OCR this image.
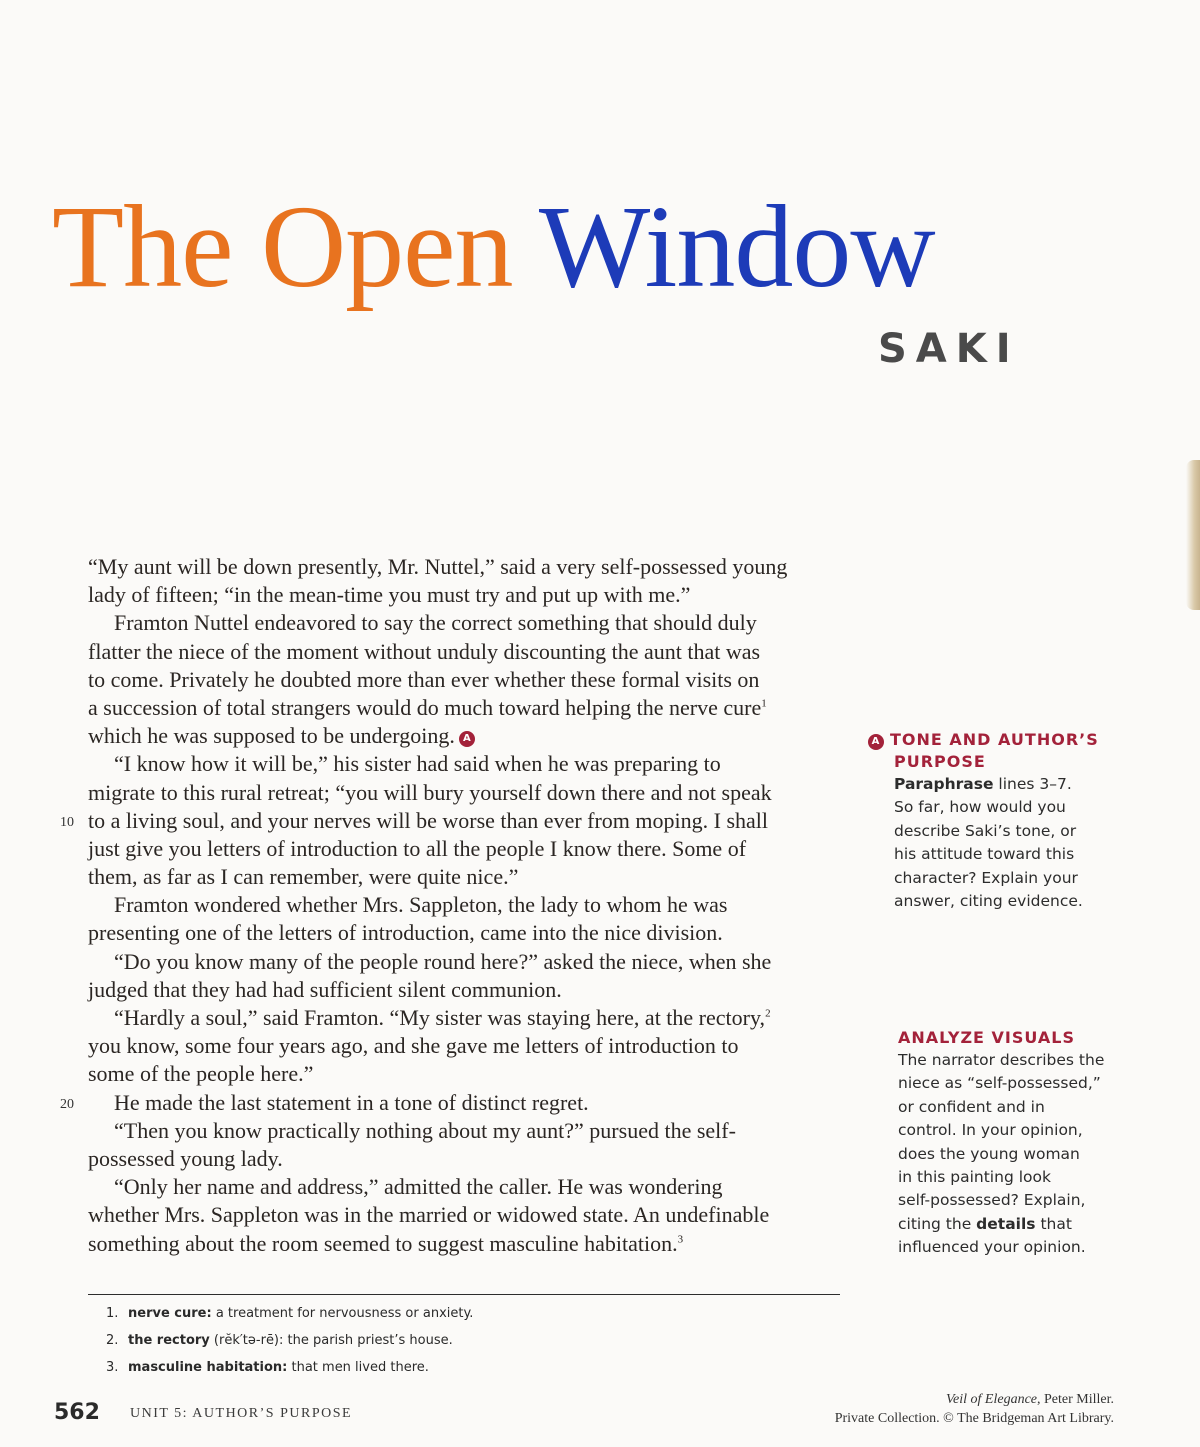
The Open Window
SAKI
“My aunt will be down presently, Mr. Nuttel,” said a very self-possessed young
lady of fifteen; “in the mean-time you must try and put up with me.”
Framton Nuttel endeavored to say the correct something that should duly
flatter the niece of the moment without unduly discounting the aunt that was
to come. Privately he doubted more than ever whether these formal visits on
a succession of total strangers would do much toward helping the nerve cure$^1$
which he was supposed to be undergoing. A
“I know how it will be,” his sister had said when he was preparing to
migrate to this rural retreat; “you will bury yourself down there and not speak
10 to a living soul, and your nerves will be worse than ever from moping. I shall
just give you letters of introduction to all the people I know there. Some of
them, as far as I can remember, were quite nice.”
Framton wondered whether Mrs. Sappleton, the lady to whom he was
presenting one of the letters of introduction, came into the nice division.
“Do you know many of the people round here?” asked the niece, when she
judged that they had had sufficient silent communion.
“Hardly a soul,” said Framton. “My sister was staying here, at the rectory,$^2$
you know, some four years ago, and she gave me letters of introduction to
some of the people here.”
20 He made the last statement in a tone of distinct regret.
“Then you know practically nothing about my aunt?” pursued the self-
possessed young lady.
“Only her name and address,” admitted the caller. He was wondering
whether Mrs. Sappleton was in the married or widowed state. An undefinable
something about the room seemed to suggest masculine habitation.$^3$
A TONE AND AUTHOR’S
PURPOSE
Paraphrase lines 3–7.
So far, how would you
describe Saki’s tone, or
his attitude toward this
character? Explain your
answer, citing evidence.
ANALYZE VISUALS
The narrator describes the
niece as “self-possessed,”
or confident and in
control. In your opinion,
does the young woman
in this painting look
self-possessed? Explain,
citing the details that
influenced your opinion.
1. nerve cure: a treatment for nervousness or anxiety.
2. the rectory (rĕk′tə-rē): the parish priest’s house.
3. masculine habitation: that men lived there.
562 UNIT 5: AUTHOR’S PURPOSE
Veil of Elegance, Peter Miller.
Private Collection. © The Bridgeman Art Library.
